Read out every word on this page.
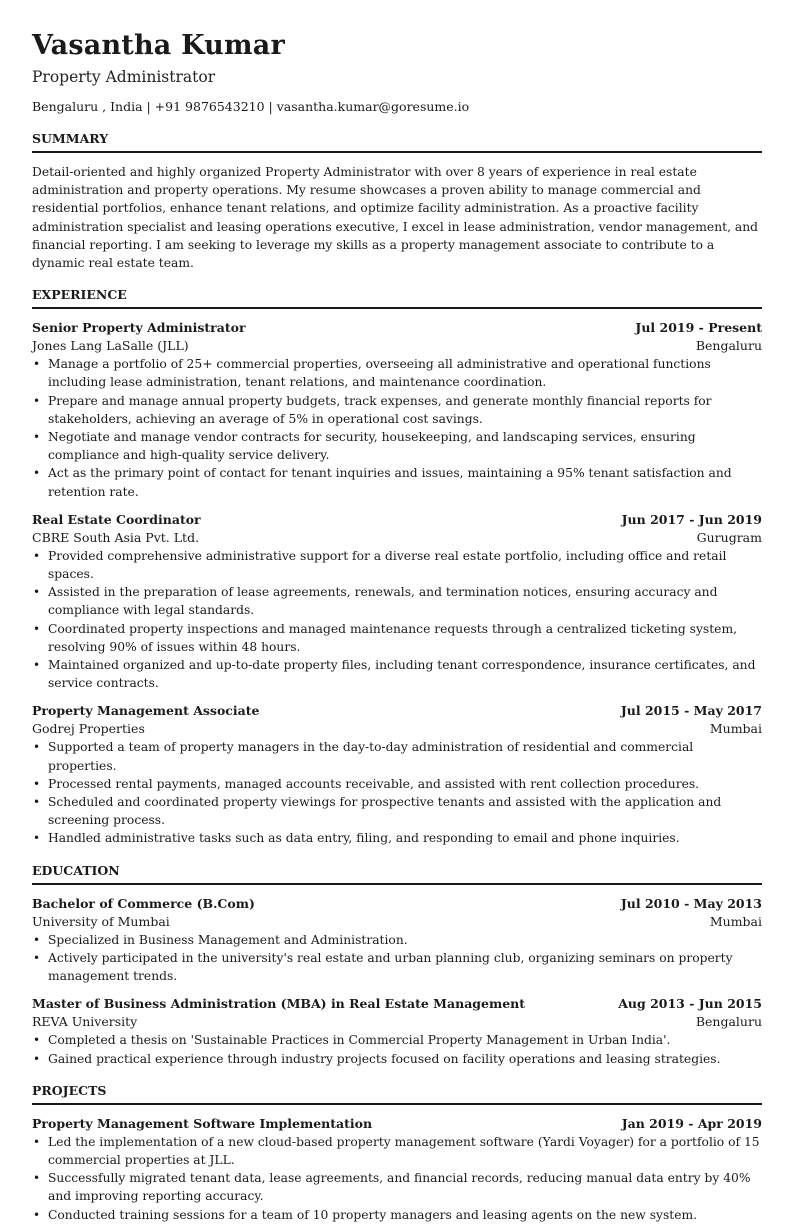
Vasantha Kumar
Property Administrator
Bengaluru , India | +91 9876543210 | vasantha.kumar@goresume.io
SUMMARY
Detail-oriented and highly organized Property Administrator with over 8 years of experience in real estate administration and property operations. My resume showcases a proven ability to manage commercial and residential portfolios, enhance tenant relations, and optimize facility administration. As a proactive facility administration specialist and leasing operations executive, I excel in lease administration, vendor management, and financial reporting. I am seeking to leverage my skills as a property management associate to contribute to a dynamic real estate team.
EXPERIENCE
Senior Property Administrator	Jul 2019 - Present
Jones Lang LaSalle (JLL)	Bengaluru
• Manage a portfolio of 25+ commercial properties, overseeing all administrative and operational functions including lease administration, tenant relations, and maintenance coordination.
• Prepare and manage annual property budgets, track expenses, and generate monthly financial reports for stakeholders, achieving an average of 5% in operational cost savings.
• Negotiate and manage vendor contracts for security, housekeeping, and landscaping services, ensuring compliance and high-quality service delivery.
• Act as the primary point of contact for tenant inquiries and issues, maintaining a 95% tenant satisfaction and retention rate.
Real Estate Coordinator	Jun 2017 - Jun 2019
CBRE South Asia Pvt. Ltd.	Gurugram
• Provided comprehensive administrative support for a diverse real estate portfolio, including office and retail spaces.
• Assisted in the preparation of lease agreements, renewals, and termination notices, ensuring accuracy and compliance with legal standards.
• Coordinated property inspections and managed maintenance requests through a centralized ticketing system, resolving 90% of issues within 48 hours.
• Maintained organized and up-to-date property files, including tenant correspondence, insurance certificates, and service contracts.
Property Management Associate	Jul 2015 - May 2017
Godrej Properties	Mumbai
• Supported a team of property managers in the day-to-day administration of residential and commercial properties.
• Processed rental payments, managed accounts receivable, and assisted with rent collection procedures.
• Scheduled and coordinated property viewings for prospective tenants and assisted with the application and screening process.
• Handled administrative tasks such as data entry, filing, and responding to email and phone inquiries.
EDUCATION
Bachelor of Commerce (B.Com)	Jul 2010 - May 2013
University of Mumbai	Mumbai
• Specialized in Business Management and Administration.
• Actively participated in the university's real estate and urban planning club, organizing seminars on property management trends.
Master of Business Administration (MBA) in Real Estate Management	Aug 2013 - Jun 2015
REVA University	Bengaluru
• Completed a thesis on 'Sustainable Practices in Commercial Property Management in Urban India'.
• Gained practical experience through industry projects focused on facility operations and leasing strategies.
PROJECTS
Property Management Software Implementation	Jan 2019 - Apr 2019
• Led the implementation of a new cloud-based property management software (Yardi Voyager) for a portfolio of 15 commercial properties at JLL.
• Successfully migrated tenant data, lease agreements, and financial records, reducing manual data entry by 40% and improving reporting accuracy.
• Conducted training sessions for a team of 10 property managers and leasing agents on the new system.
